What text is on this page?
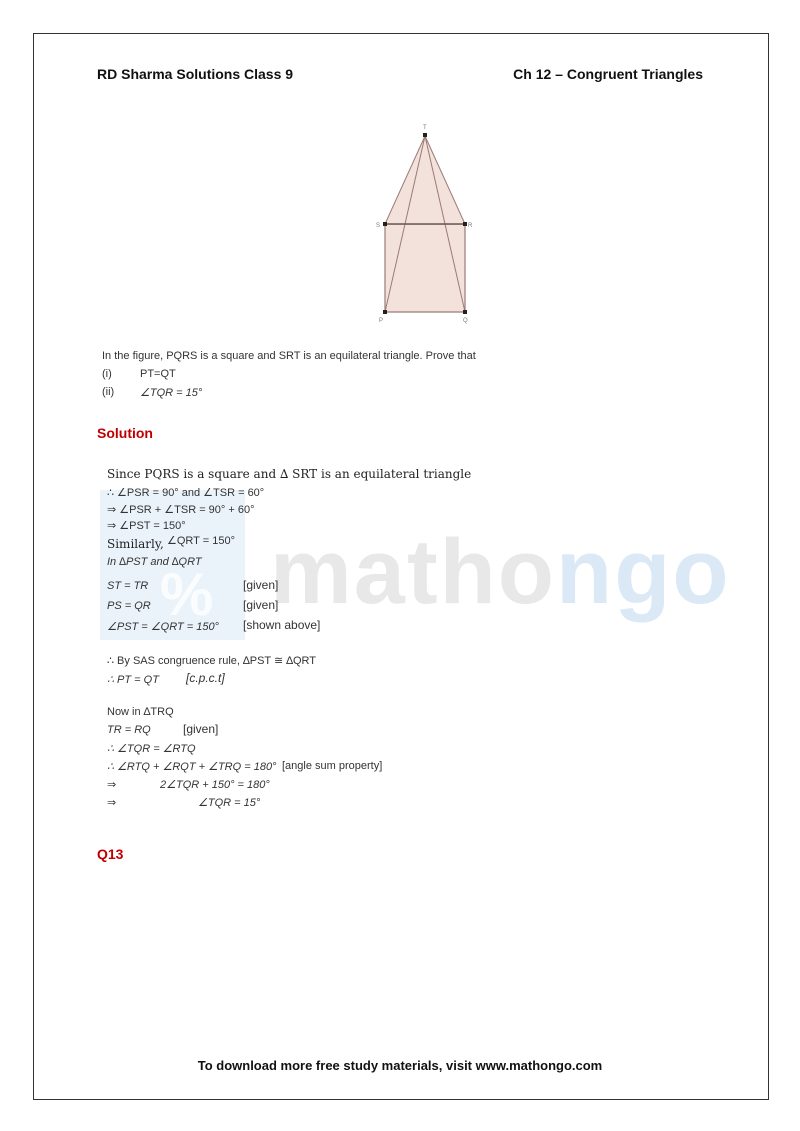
RD Sharma Solutions Class 9	Ch 12 – Congruent Triangles
T
S	R
P	Q
In the figure, PQRS is a square and SRT is an equilateral triangle. Prove that
(i)	PT=QT
(ii) ∠TQR = 15°
Solution
% mathongo
Since PQRS is a square and ∆ SRT is an equilateral triangle
∴ ∠PSR = 90° and ∠TSR = 60°
⇒ ∠PSR + ∠TSR = 90° + 60°
⇒ ∠PST = 150°
Similarly, ∠QRT = 150°
In ∆PST and ∆QRT
ST = TR	[given]
PS = QR	[given]
∠PST = ∠QRT = 150° [shown above]
∴ By SAS congruence rule, ∆PST ≅ ∆QRT
∴ PT = QT [c.p.c.t]
Now in ∆TRQ
TR = RQ	[given]
∴ ∠TQR = ∠RTQ
∴ ∠RTQ + ∠RQT + ∠TRQ = 180° [angle sum property]
⇒	2∠TQR + 150° = 180°
⇒	∠TQR = 15°
Q13
To download more free study materials, visit www.mathongo.com
